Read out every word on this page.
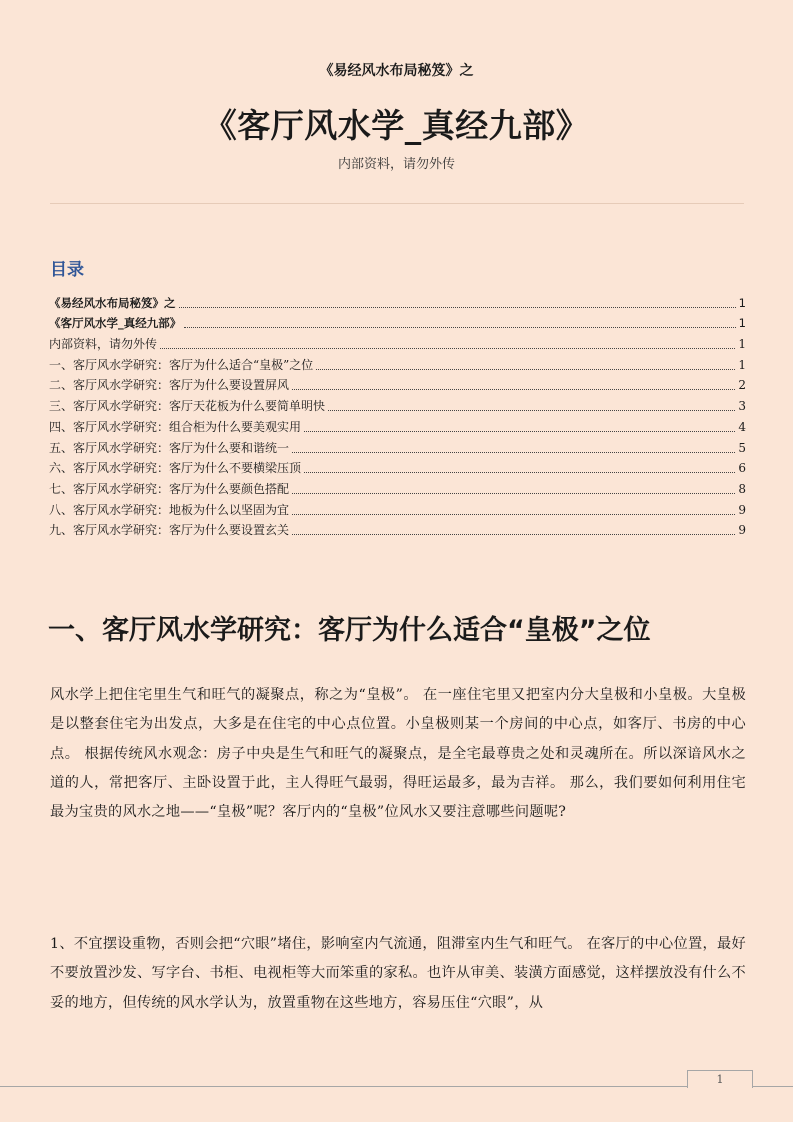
《易经风水布局秘笈》之
《客厅风水学_真经九部》
内部资料，请勿外传
目录
《易经风水布局秘笈》之	1
《客厅风水学_真经九部》	1
内部资料，请勿外传	1
一、客厅风水学研究：客厅为什么适合“皇极”之位	1
二、客厅风水学研究：客厅为什么要设置屏风	2
三、客厅风水学研究：客厅天花板为什么要简单明快	3
四、客厅风水学研究：组合柜为什么要美观实用	4
五、客厅风水学研究：客厅为什么要和谐统一	5
六、客厅风水学研究：客厅为什么不要横梁压顶	6
七、客厅风水学研究：客厅为什么要颜色搭配	8
八、客厅风水学研究：地板为什么以坚固为宜	9
九、客厅风水学研究：客厅为什么要设置玄关	9
一、客厅风水学研究：客厅为什么适合“皇极”之位

风水学上把住宅里生气和旺气的凝聚点，称之为“皇极”。 在一座住宅里又把室内分大皇极和小皇极。大皇极是以整套住宅为出发点，大多是在住宅的中心点位置。小皇极则某一个房间的中心点，如客厅、书房的中心点。 根据传统风水观念：房子中央是生气和旺气的凝聚点，是全宅最尊贵之处和灵魂所在。所以深谙风水之道的人，常把客厅、主卧设置于此，主人得旺气最弱，得旺运最多，最为吉祥。 那么，我们要如何利用住宅最为宝贵的风水之地——“皇极”呢？客厅内的“皇极”位风水又要注意哪些问题呢?

1、不宜摆设重物，否则会把“穴眼”堵住，影响室内气流通，阻滞室内生气和旺气。 在客厅的中心位置，最好不要放置沙发、写字台、书柜、电视柜等大而笨重的家私。也许从审美、装潢方面感觉，这样摆放没有什么不妥的地方，但传统的风水学认为，放置重物在这些地方，容易压住“穴眼”，从

1
